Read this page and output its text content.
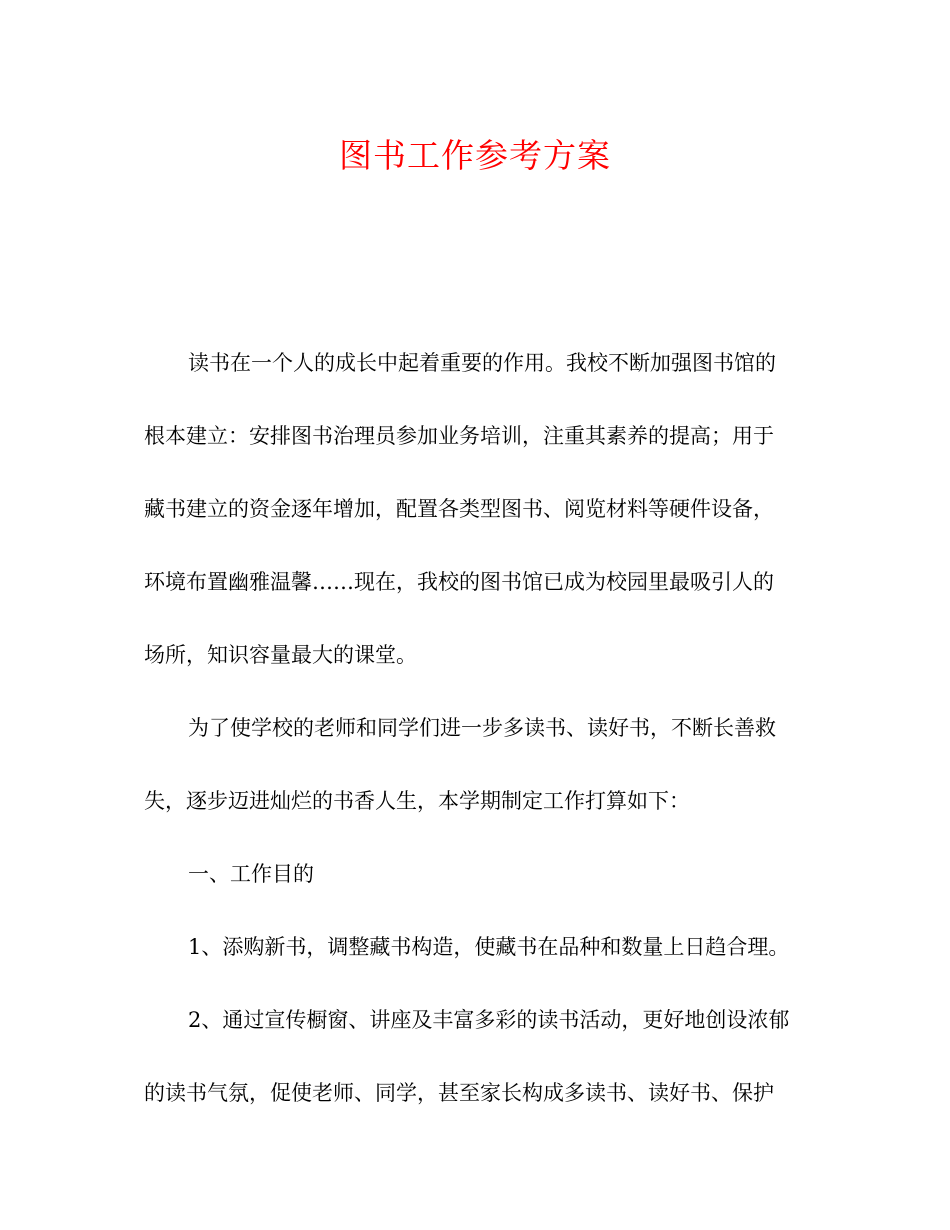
图书工作参考方案
读书在一个人的成长中起着重要的作用。我校不断加强图书馆的
根本建立：安排图书治理员参加业务培训，注重其素养的提高；用于
藏书建立的资金逐年增加，配置各类型图书、阅览材料等硬件设备，
环境布置幽雅温馨……现在，我校的图书馆已成为校园里最吸引人的
场所，知识容量最大的课堂。
为了使学校的老师和同学们进一步多读书、读好书，不断长善救
失，逐步迈进灿烂的书香人生，本学期制定工作打算如下：
一、工作目的
1、添购新书，调整藏书构造，使藏书在品种和数量上日趋合理。
2、通过宣传橱窗、讲座及丰富多彩的读书活动，更好地创设浓郁
的读书气氛，促使老师、同学，甚至家长构成多读书、读好书、保护
